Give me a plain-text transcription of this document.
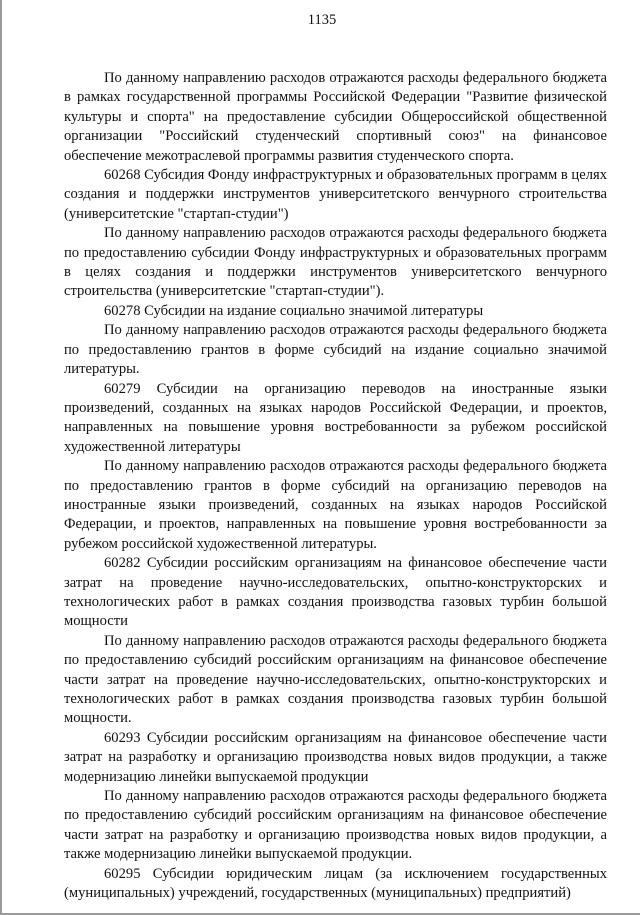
1135

По данному направлению расходов отражаются расходы федерального бюджета в рамках государственной программы Российской Федерации "Развитие физической культуры и спорта" на предоставление субсидии Общероссийской общественной организации "Российский студенческий спортивный союз" на финансовое обеспечение межотраслевой программы развития студенческого спорта.

60268 Субсидия Фонду инфраструктурных и образовательных программ в целях создания и поддержки инструментов университетского венчурного строительства (университетские "стартап-студии")

По данному направлению расходов отражаются расходы федерального бюджета по предоставлению субсидии Фонду инфраструктурных и образовательных программ в целях создания и поддержки инструментов университетского венчурного строительства (университетские "стартап-студии").

60278 Субсидии на издание социально значимой литературы

По данному направлению расходов отражаются расходы федерального бюджета по предоставлению грантов в форме субсидий на издание социально значимой литературы.

60279 Субсидии на организацию переводов на иностранные языки произведений, созданных на языках народов Российской Федерации, и проектов, направленных на повышение уровня востребованности за рубежом российской художественной литературы

По данному направлению расходов отражаются расходы федерального бюджета по предоставлению грантов в форме субсидий на организацию переводов на иностранные языки произведений, созданных на языках народов Российской Федерации, и проектов, направленных на повышение уровня востребованности за рубежом российской художественной литературы.

60282 Субсидии российским организациям на финансовое обеспечение части затрат на проведение научно-исследовательских, опытно-конструкторских и технологических работ в рамках создания производства газовых турбин большой мощности

По данному направлению расходов отражаются расходы федерального бюджета по предоставлению субсидий российским организациям на финансовое обеспечение части затрат на проведение научно-исследовательских, опытно-конструкторских и технологических работ в рамках создания производства газовых турбин большой мощности.

60293 Субсидии российским организациям на финансовое обеспечение части затрат на разработку и организацию производства новых видов продукции, а также модернизацию линейки выпускаемой продукции

По данному направлению расходов отражаются расходы федерального бюджета по предоставлению субсидий российским организациям на финансовое обеспечение части затрат на разработку и организацию производства новых видов продукции, а также модернизацию линейки выпускаемой продукции.

60295 Субсидии юридическим лицам (за исключением государственных (муниципальных) учреждений, государственных (муниципальных) предприятий)
